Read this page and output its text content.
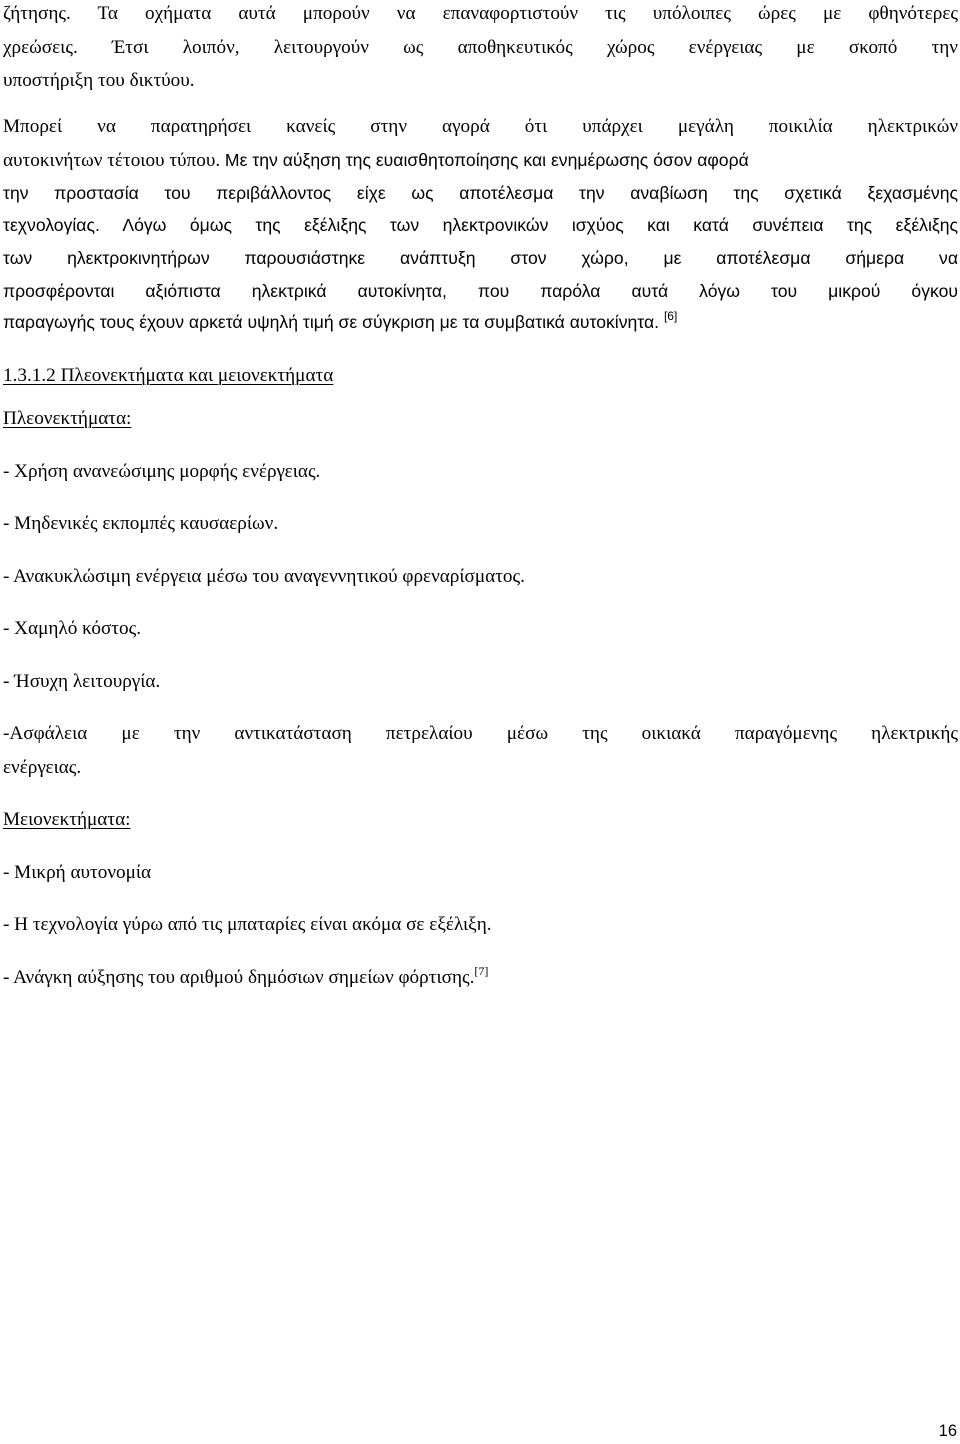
ζήτησης. Τα οχήματα αυτά μπορούν να επαναφορτιστούν τις υπόλοιπες ώρες με φθηνότερες
χρεώσεις. Έτσι λοιπόν, λειτουργούν ως αποθηκευτικός χώρος ενέργειας με σκοπό την
υποστήριξη του δικτύου.
Μπορεί να παρατηρήσει κανείς στην αγορά ότι υπάρχει μεγάλη ποικιλία ηλεκτρικών
αυτοκινήτων τέτοιου τύπου. Με την αύξηση της ευαισθητοποίησης και ενημέρωσης όσον αφορά
την προστασία του περιβάλλοντος είχε ως αποτέλεσμα την αναβίωση της σχετικά ξεχασμένης
τεχνολογίας. Λόγω όμως της εξέλιξης των ηλεκτρονικών ισχύος και κατά συνέπεια της εξέλιξης
των ηλεκτροκινητήρων παρουσιάστηκε ανάπτυξη στον χώρο, με αποτέλεσμα σήμερα να
προσφέρονται αξιόπιστα ηλεκτρικά αυτοκίνητα, που παρόλα αυτά λόγω του μικρού όγκου
παραγωγής τους έχουν αρκετά υψηλή τιμή σε σύγκριση με τα συμβατικά αυτοκίνητα. [6]
1.3.1.2 Πλεονεκτήματα και μειονεκτήματα
Πλεονεκτήματα:
- Χρήση ανανεώσιμης μορφής ενέργειας.
- Μηδενικές εκπομπές καυσαερίων.
- Ανακυκλώσιμη ενέργεια μέσω του αναγεννητικού φρεναρίσματος.
- Χαμηλό κόστος.
- Ήσυχη λειτουργία.
-Ασφάλεια με την αντικατάσταση πετρελαίου μέσω της οικιακά παραγόμενης ηλεκτρικής
ενέργειας.
Μειονεκτήματα:
- Μικρή αυτονομία
- Η τεχνολογία γύρω από τις μπαταρίες είναι ακόμα σε εξέλιξη.
- Ανάγκη αύξησης του αριθμού δημόσιων σημείων φόρτισης.[7]
16
